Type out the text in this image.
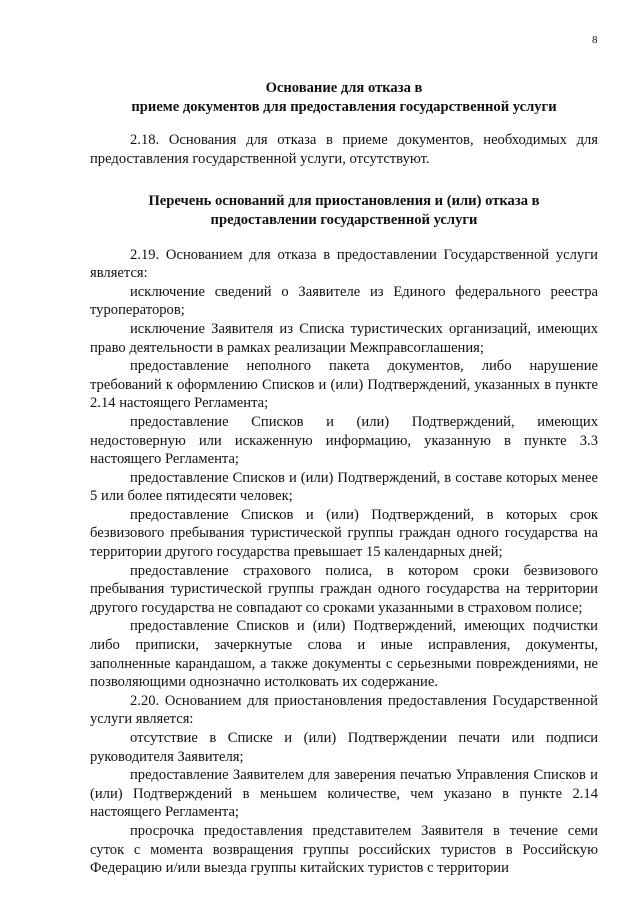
8

Основание для отказа в

приеме документов для предоставления государственной услуги

2.18. Основания для отказа в приеме документов, необходимых для предоставления государственной услуги, отсутствуют.

Перечень оснований для приостановления и (или) отказа в

предоставлении государственной услуги

2.19. Основанием для отказа в предоставлении Государственной услуги является:

исключение сведений о Заявителе из Единого федерального реестра туроператоров;

исключение Заявителя из Списка туристических организаций, имеющих право деятельности в рамках реализации Межправсоглашения;

предоставление неполного пакета документов, либо нарушение требований к оформлению Списков и (или) Подтверждений, указанных в пункте 2.14 настоящего Регламента;

предоставление Списков и (или) Подтверждений, имеющих недостоверную или искаженную информацию, указанную в пункте 3.3 настоящего Регламента;

предоставление Списков и (или) Подтверждений, в составе которых менее 5 или более пятидесяти человек;

предоставление Списков и (или) Подтверждений, в которых срок безвизового пребывания туристической группы граждан одного государства на территории другого государства превышает 15 календарных дней;

предоставление страхового полиса, в котором сроки безвизового пребывания туристической группы граждан одного государства на территории другого государства не совпадают со сроками указанными в страховом полисе;

предоставление Списков и (или) Подтверждений, имеющих подчистки либо приписки, зачеркнутые слова и иные исправления, документы, заполненные карандашом, а также документы с серьезными повреждениями, не позволяющими однозначно истолковать их содержание.

2.20. Основанием для приостановления предоставления Государственной услуги является:

отсутствие в Списке и (или) Подтверждении печати или подписи руководителя Заявителя;

предоставление Заявителем для заверения печатью Управления Списков и (или) Подтверждений в меньшем количестве, чем указано в пункте 2.14 настоящего Регламента;

просрочка предоставления представителем Заявителя в течение семи суток с момента возвращения группы российских туристов в Российскую Федерацию и/или выезда группы китайских туристов с территории
